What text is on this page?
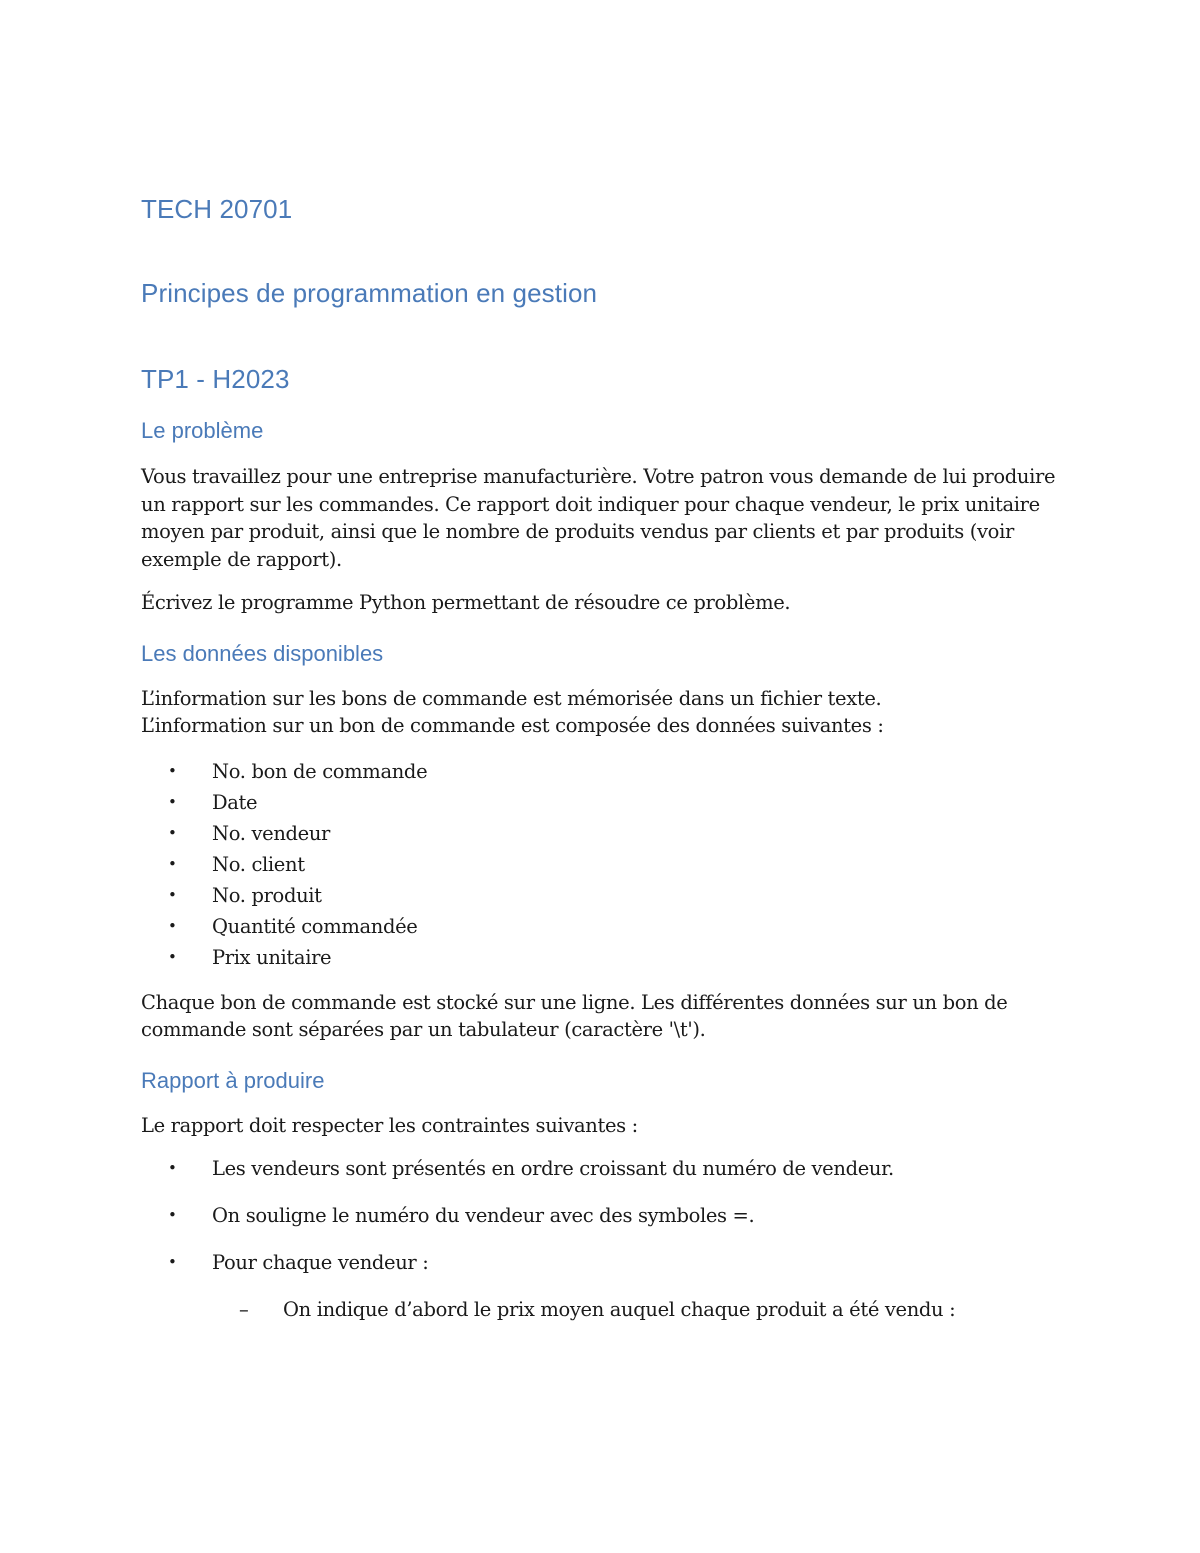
TECH 20701
Principes de programmation en gestion
TP1 - H2023
Le problème

Vous travaillez pour une entreprise manufacturière. Votre patron vous demande de lui produire un rapport sur les commandes. Ce rapport doit indiquer pour chaque vendeur, le prix unitaire moyen par produit, ainsi que le nombre de produits vendus par clients et par produits (voir exemple de rapport).

Écrivez le programme Python permettant de résoudre ce problème.

Les données disponibles

L’information sur les bons de commande est mémorisée dans un fichier texte.

L’information sur un bon de commande est composée des données suivantes :

• No. bon de commande
• Date
• No. vendeur
• No. client
• No. produit
• Quantité commandée
• Prix unitaire

Chaque bon de commande est stocké sur une ligne. Les différentes données sur un bon de commande sont séparées par un tabulateur (caractère '\t').

Rapport à produire

Le rapport doit respecter les contraintes suivantes :

• Les vendeurs sont présentés en ordre croissant du numéro de vendeur.
• On souligne le numéro du vendeur avec des symboles =.
• Pour chaque vendeur :
– On indique d’abord le prix moyen auquel chaque produit a été vendu :
